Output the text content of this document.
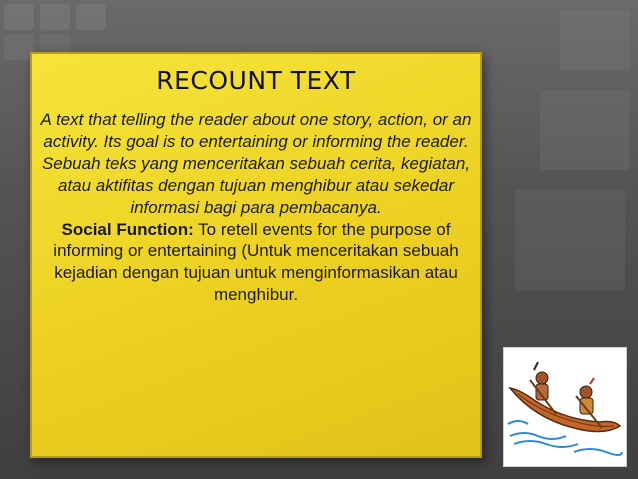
RECOUNT TEXT
A text that telling the reader about one story, action, or an activity. Its goal is to entertaining or informing the reader.
Sebuah teks yang menceritakan sebuah cerita, kegiatan, atau aktifitas dengan tujuan menghibur atau sekedar informasi bagi para pembacanya.
Social Function: To retell events for the purpose of informing or entertaining (Untuk menceritakan sebuah kejadian dengan tujuan untuk menginformasikan atau menghibur.
